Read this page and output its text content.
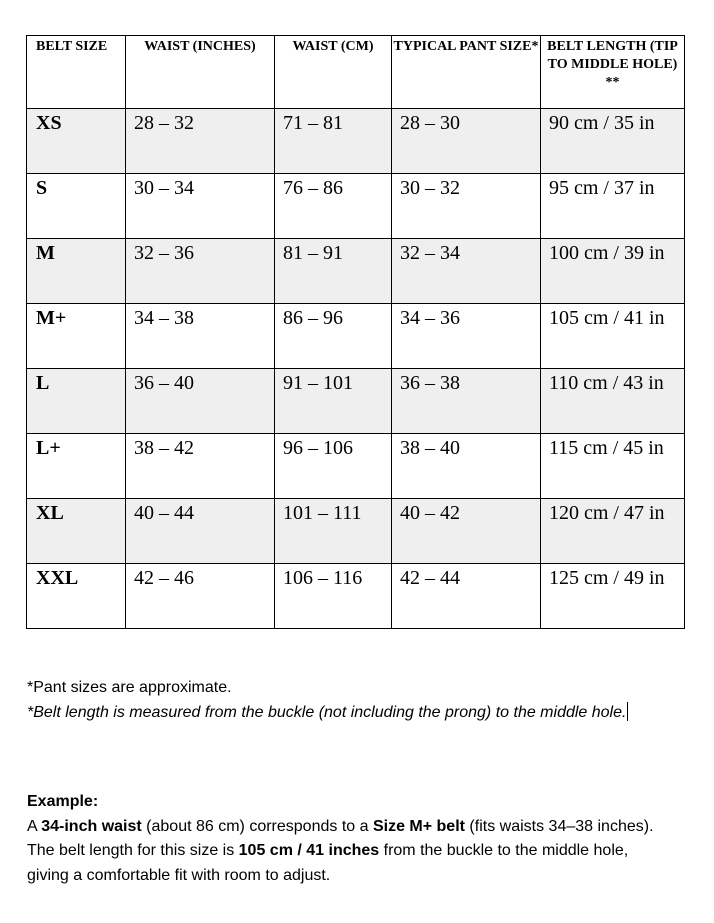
BELT SIZE	WAIST (INCHES)	WAIST (CM)	TYPICAL PANT SIZE*	BELT LENGTH (TIP TO MIDDLE HOLE) **
XS	28 – 32	71 – 81	28 – 30	90 cm / 35 in
S	30 – 34	76 – 86	30 – 32	95 cm / 37 in
M	32 – 36	81 – 91	32 – 34	100 cm / 39 in
M+	34 – 38	86 – 96	34 – 36	105 cm / 41 in
L	36 – 40	91 – 101	36 – 38	110 cm / 43 in
L+	38 – 42	96 – 106	38 – 40	115 cm / 45 in
XL	40 – 44	101 – 111	40 – 42	120 cm / 47 in
XXL	42 – 46	106 – 116	42 – 44	125 cm / 49 in
*Pant sizes are approximate.
*Belt length is measured from the buckle (not including the prong) to the middle hole.
Example:
A 34-inch waist (about 86 cm) corresponds to a Size M+ belt (fits waists 34–38 inches). The belt length for this size is 105 cm / 41 inches from the buckle to the middle hole, giving a comfortable fit with room to adjust.
